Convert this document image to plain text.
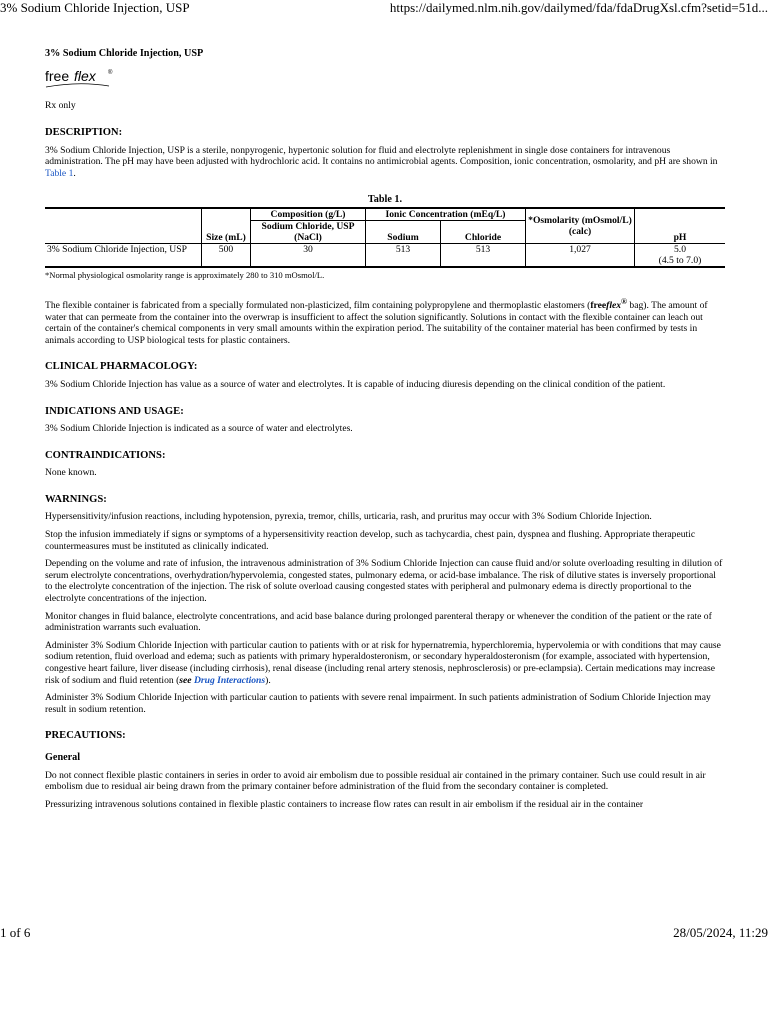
3% Sodium Chloride Injection, USP	https://dailymed.nlm.nih.gov/dailymed/fda/fdaDrugXsl.cfm?setid=51d...
3% Sodium Chloride Injection, USP
free flex ®

Rx only

DESCRIPTION:

3% Sodium Chloride Injection, USP is a sterile, nonpyrogenic, hypertonic solution for fluid and electrolyte replenishment in single dose containers for intravenous administration. The pH may have been adjusted with hydrochloric acid. It contains no antimicrobial agents. Composition, ionic concentration, osmolarity, and pH are shown in Table 1.

Table 1.
	Size (mL)	Composition (g/L)	Ionic Concentration (mEq/L)		*Osmolarity (mOsmol/L) (calc)	pH
		Sodium Chloride, USP (NaCl)	Sodium	Chloride		
3% Sodium Chloride Injection, USP	500	30	513	513	1,027	5.0
(4.5 to 7.0)
*Normal physiological osmolarity range is approximately 280 to 310 mOsmol/L.

The flexible container is fabricated from a specially formulated non-plasticized, film containing polypropylene and thermoplastic elastomers (freeflex® bag). The amount of water that can permeate from the container into the overwrap is insufficient to affect the solution significantly. Solutions in contact with the flexible container can leach out certain of the container's chemical components in very small amounts within the expiration period. The suitability of the container material has been confirmed by tests in animals according to USP biological tests for plastic containers.

CLINICAL PHARMACOLOGY:

3% Sodium Chloride Injection has value as a source of water and electrolytes. It is capable of inducing diuresis depending on the clinical condition of the patient.

INDICATIONS AND USAGE:

3% Sodium Chloride Injection is indicated as a source of water and electrolytes.

CONTRAINDICATIONS:

None known.

WARNINGS:

Hypersensitivity/infusion reactions, including hypotension, pyrexia, tremor, chills, urticaria, rash, and pruritus may occur with 3% Sodium Chloride Injection.

Stop the infusion immediately if signs or symptoms of a hypersensitivity reaction develop, such as tachycardia, chest pain, dyspnea and flushing. Appropriate therapeutic countermeasures must be instituted as clinically indicated.

Depending on the volume and rate of infusion, the intravenous administration of 3% Sodium Chloride Injection can cause fluid and/or solute overloading resulting in dilution of serum electrolyte concentrations, overhydration/hypervolemia, congested states, pulmonary edema, or acid-base imbalance. The risk of dilutive states is inversely proportional to the electrolyte concentration of the injection. The risk of solute overload causing congested states with peripheral and pulmonary edema is directly proportional to the electrolyte concentrations of the injection.

Monitor changes in fluid balance, electrolyte concentrations, and acid base balance during prolonged parenteral therapy or whenever the condition of the patient or the rate of administration warrants such evaluation.

Administer 3% Sodium Chloride Injection with particular caution to patients with or at risk for hypernatremia, hyperchloremia, hypervolemia or with conditions that may cause sodium retention, fluid overload and edema; such as patients with primary hyperaldosteronism, or secondary hyperaldosteronism (for example, associated with hypertension, congestive heart failure, liver disease (including cirrhosis), renal disease (including renal artery stenosis, nephrosclerosis) or pre-eclampsia). Certain medications may increase risk of sodium and fluid retention (see Drug Interactions).

Administer 3% Sodium Chloride Injection with particular caution to patients with severe renal impairment. In such patients administration of Sodium Chloride Injection may result in sodium retention.

PRECAUTIONS:
General

Do not connect flexible plastic containers in series in order to avoid air embolism due to possible residual air contained in the primary container. Such use could result in air embolism due to residual air being drawn from the primary container before administration of the fluid from the secondary container is completed.

Pressurizing intravenous solutions contained in flexible plastic containers to increase flow rates can result in air embolism if the residual air in the container

1 of 6	28/05/2024, 11:29
